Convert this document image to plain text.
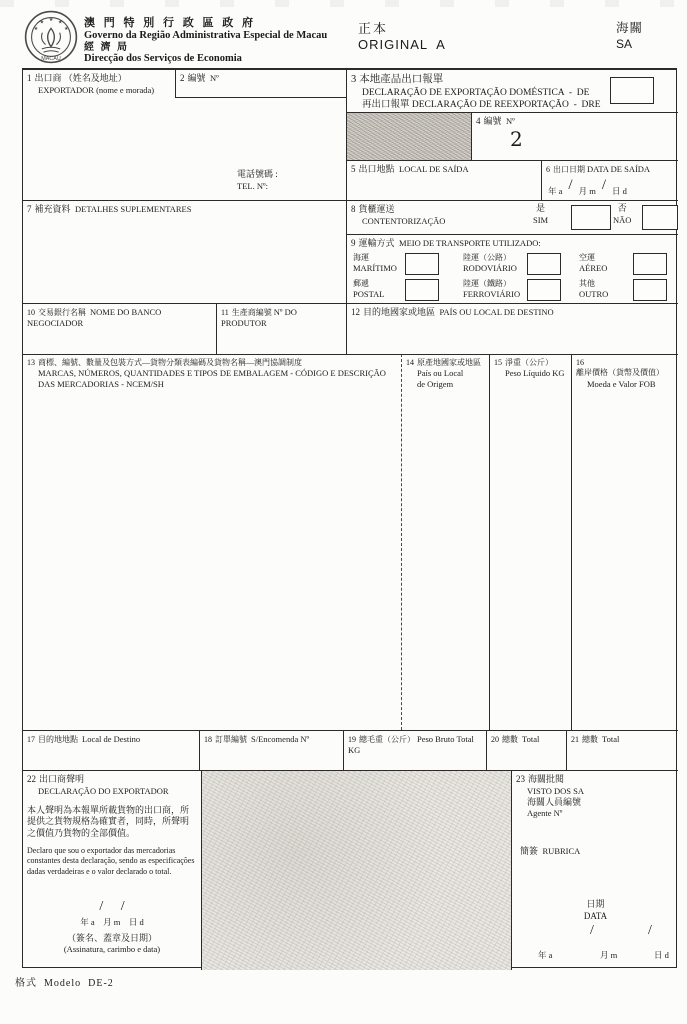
★
★ ★
★	★
MACAU
澳 門 特 別 行 政 區 政 府
Governo da Região Administrativa Especial de Macau
經 濟 局
Direcção dos Serviços de Economia
正本
ORIGINAL  A
海關
SA
1 出口商 （姓名及地址）
EXPORTADOR (nome e morada)
電話號碼 :
TEL. Nº:
2 編號 Nº	3 本地產品出口報單
DECLARAÇÃO DE EXPORTAÇÃO DOMÉSTICA  -  DE
再出口報單 DECLARAÇÃO DE REEXPORTAÇÃO  -  DRE
4 編號 Nº
2
5 出口地點 LOCAL DE SAÍDA	6 出口日期 DATA DE SAÍDA
年 a / 月 m / 日 d
7 補充資料 DETALHES SUPLEMENTARES	8 貨櫃運送
CONTENTORIZAÇÃO
是
SIM
否
NÃO
9 運輸方式 MEIO DE TRANSPORTE UTILIZADO:
海運
MARÍTIMO
陸運（公路）
RODOVIÁRIO
空運
AÉREO
郵遞
POSTAL
陸運（鐵路）
FERROVIÁRIO
其他
OUTRO
10 交易銀行名稱 NOME DO BANCO NEGOCIADOR
11 生產商編號 Nº DO PRODUTOR
12 目的地國家或地區 PAÍS OU LOCAL DE DESTINO
13 商標、編號、數量及包裝方式—貨物分類表編碼及貨物名稱—澳門協調制度
MARCAS, NÚMEROS, QUANTIDADES E TIPOS DE EMBALAGEM - CÓDIGO E DESCRIÇÃO DAS MERCADORIAS - NCEM/SH
14 原產地國家或地區
País ou Local
de Origem
15 淨重（公斤）
Peso Líquido KG
16離岸價格（貨幣及價值）
Moeda e Valor FOB
17 目的地地點 Local de Destino	18 訂單編號 S/Encomenda Nº	19 總毛重（公斤） Peso Bruto Total KG
20 總數 Total	21 總數 Total
22 出口商聲明
DECLARAÇÃO DO EXPORTADOR
本人聲明為本報單所載貨物的出口商，所提供之貨物規格為確實者，同時，所聲明之價值乃貨物的全部價值。
Declaro que sou o exportador das mercadorias constantes desta declaração, sendo as especificações dadas verdadeiras e o valor declarado o total.
/ /
年 a 月 m 日 d
（簽名、蓋章及日期）
(Assinatura, carimbo e data)
23 海關批閱
VISTO DOS SA
海關人員編號
Agente Nº
簡簽 RUBRICA
日期
DATA
/	/
年 a	月 m	日 d
格式  Modelo  DE-2
